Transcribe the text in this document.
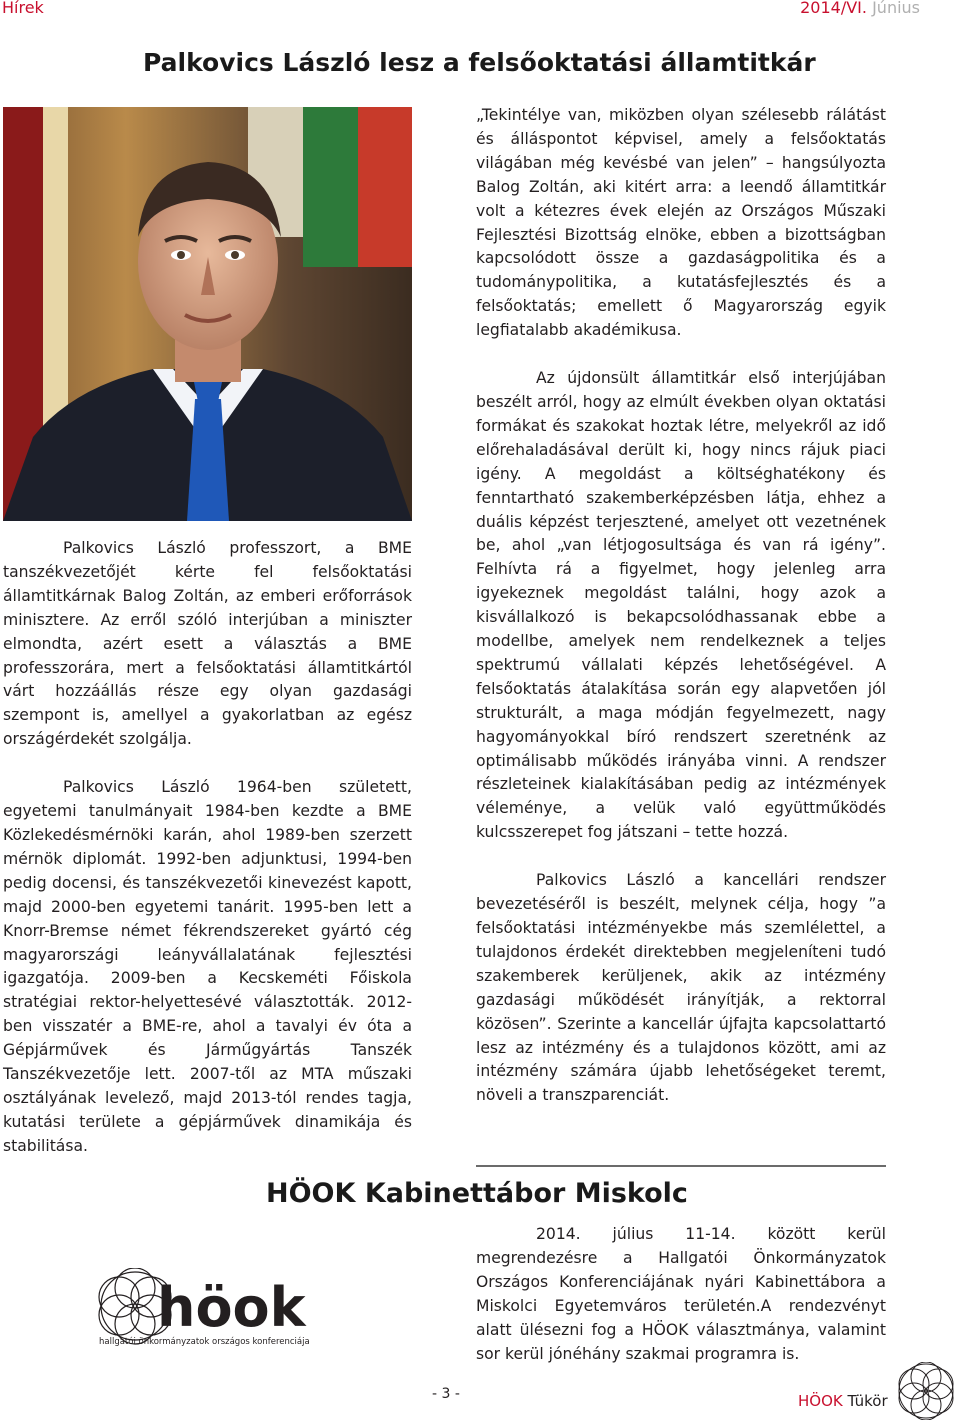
Hírek	2014/VI. Június
Palkovics László lesz a felsőoktatási államtitkár

Palkovics László professzort, a BME tanszékvezetőjét kérte fel felsőoktatási államtitkárnak Balog Zoltán, az emberi erőforrások minisztere. Az erről szóló interjúban a miniszter elmondta, azért esett a választás a BME professzorára, mert a felsőoktatási államtitkártól várt hozzáállás része egy olyan gazdasági szempont is, amellyel a gyakorlatban az egész országérdekét szolgálja.

Palkovics László 1964-ben született, egyetemi tanulmányait 1984-ben kezdte a BME Közlekedésmérnöki karán, ahol 1989-ben szerzett mérnök diplomát. 1992-ben adjunktusi, 1994-ben pedig docensi, és tanszékvezetői kinevezést kapott, majd 2000-ben egyetemi tanárit. 1995-ben lett a Knorr-Bremse német fékrendszereket gyártó cég magyarországi leányvállalatának fejlesztési igazgatója. 2009-ben a Kecskeméti Főiskola stratégiai rektor-helyettesévé választották. 2012-ben visszatér a BME-re, ahol a tavalyi év óta a Gépjárművek és Járműgyártás Tanszék Tanszékvezetője lett. 2007-től az MTA műszaki osztályának levelező, majd 2013-tól rendes tagja, kutatási területe a gépjárművek dinamikája és stabilitása.

„Tekintélye van, miközben olyan szélesebb rálátást és álláspontot képvisel, amely a felsőoktatás világában még kevésbé van jelen” – hangsúlyozta Balog Zoltán, aki kitért arra: a leendő államtitkár volt a kétezres évek elején az Országos Műszaki Fejlesztési Bizottság elnöke, ebben a bizottságban kapcsolódott össze a gazdaságpolitika és a tudománypolitika, a kutatásfejlesztés és a felsőoktatás; emellett ő Magyarország egyik legfiatalabb akadémikusa.

Az újdonsült államtitkár első interjújában beszélt arról, hogy az elmúlt években olyan oktatási formákat és szakokat hoztak létre, melyekről az idő előrehaladásával derült ki, hogy nincs rájuk piaci igény. A megoldást a költséghatékony és fenntartható szakemberképzésben látja, ehhez a duális képzést terjesztené, amelyet ott vezetnének be, ahol „van létjogosultsága és van rá igény”. Felhívta rá a figyelmet, hogy jelenleg arra igyekeznek megoldást találni, hogy azok a kisvállalkozó is bekapcsolódhassanak ebbe a modellbe, amelyek nem rendelkeznek a teljes spektrumú vállalati képzés lehetőségével. A felsőoktatás átalakítása során egy alapvetően jól strukturált, a maga módján fegyelmezett, nagy hagyományokkal bíró rendszert szeretnénk az optimálisabb működés irányába vinni. A rendszer részleteinek kialakításában pedig az intézmények véleménye, a velük való együttműködés kulcsszerepet fog játszani – tette hozzá.

Palkovics László a kancellári rendszer bevezetéséről is beszélt, melynek célja, hogy ”a felsőoktatási intézményekbe más szemlélettel, a tulajdonos érdekét direktebben megjeleníteni tudó szakemberek kerüljenek, akik az intézmény gazdasági működését irányítják, a rektorral közösen”. Szerinte a kancellár újfajta kapcsolattartó lesz az intézmény és a tulajdonos között, ami az intézmény számára újabb lehetőségeket teremt, növeli a transzparenciát.

HÖOK Kabinettábor Miskolc
höok
hallgatói önkormányzatok országos konferenciája

2014. július 11-14. között kerül megrendezésre a Hallgatói Önkormányzatok Országos Konferenciájának nyári Kabinettábora a Miskolci Egyetemváros területén.A rendezvényt alatt ülésezni fog a HÖOK választmánya, valamint sor kerül jónéhány szakmai programra is.

- 3 -	HÖOK Tükör
